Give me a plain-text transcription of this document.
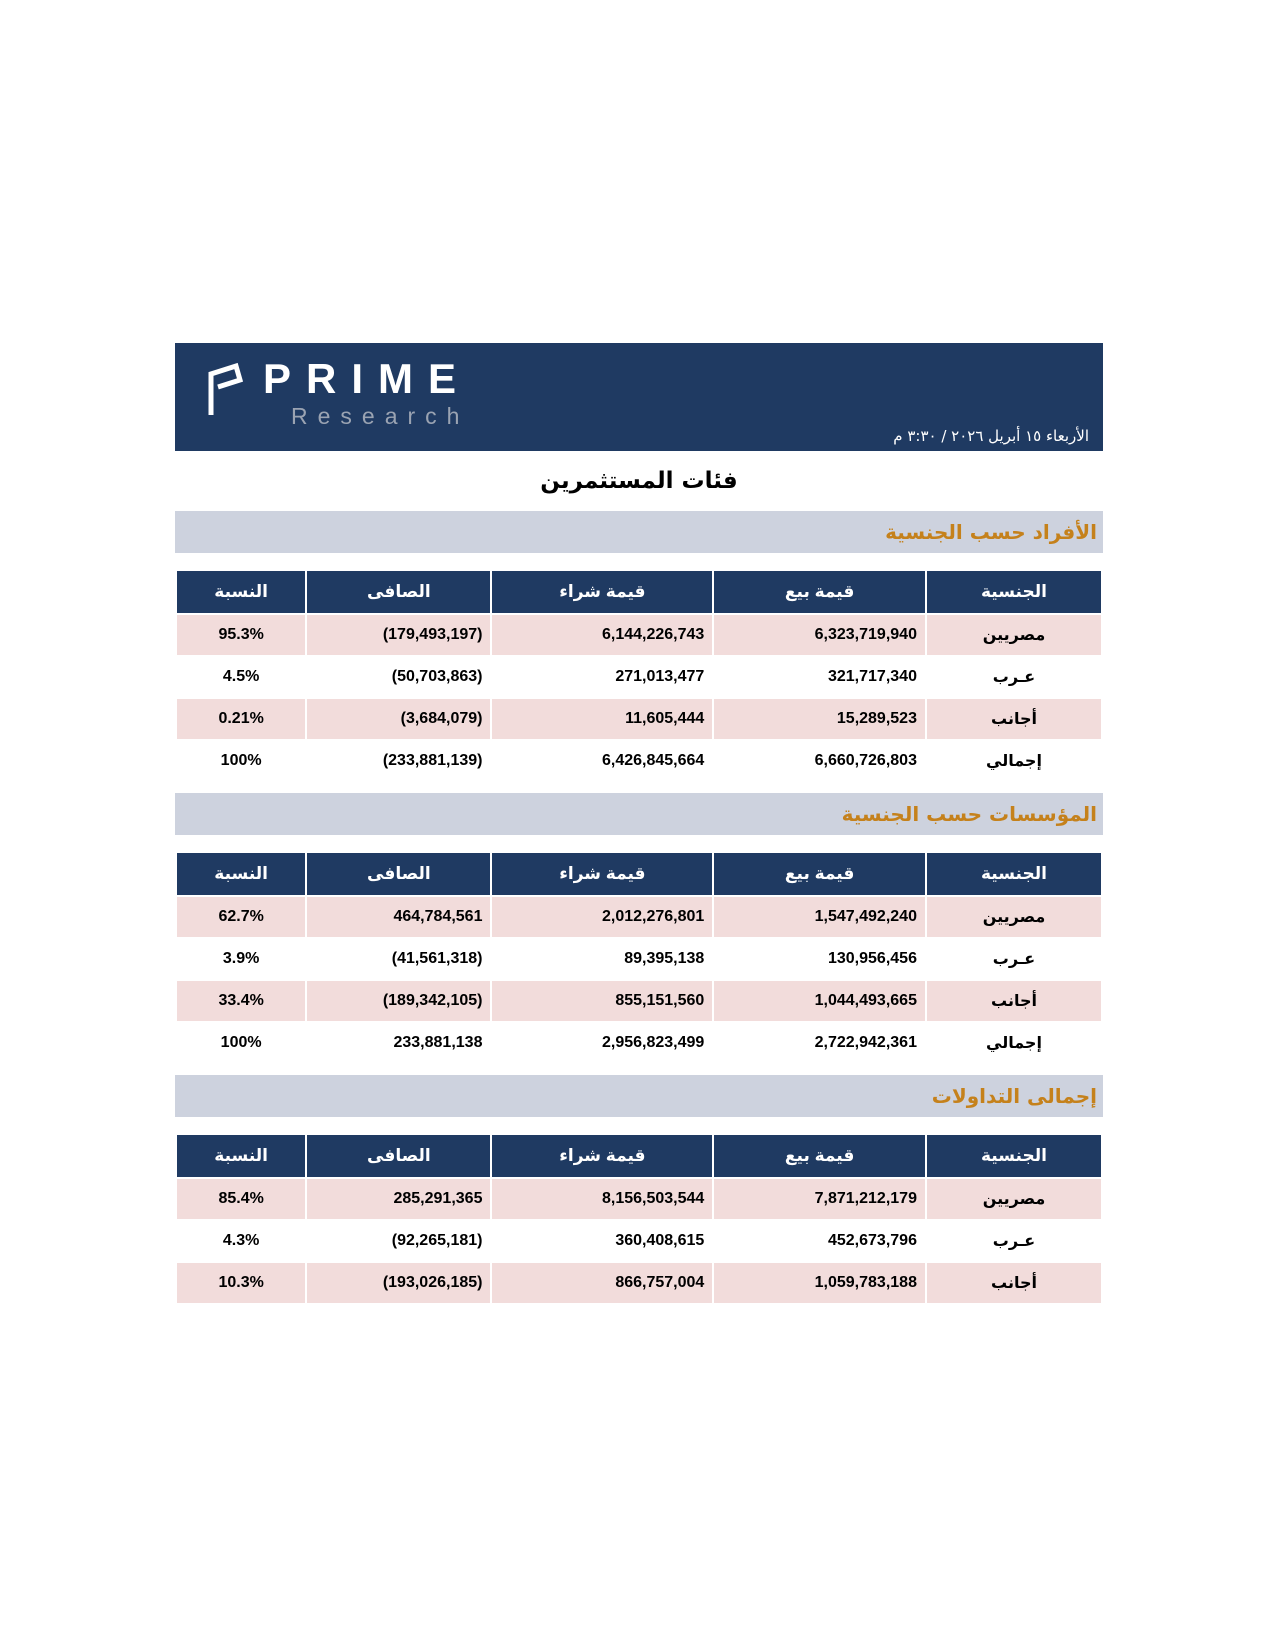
PRIME
Research
الأربعاء ١٥ أبريل ٢٠٢٦ / ٣:٣٠ م
فئات المستثمرين
الأفراد حسب الجنسية
الجنسية	قيمة بيع	قيمة شراء	الصافى	النسبة
مصريين	6,323,719,940	6,144,226,743	(179,493,197)	95.3%
عـرب	321,717,340	271,013,477	(50,703,863)	4.5%
أجانب	15,289,523	11,605,444	(3,684,079)	0.21%
إجمالي	6,660,726,803	6,426,845,664	(233,881,139)	100%
المؤسسات حسب الجنسية
الجنسية	قيمة بيع	قيمة شراء	الصافى	النسبة
مصريين	1,547,492,240	2,012,276,801	464,784,561	62.7%
عـرب	130,956,456	89,395,138	(41,561,318)	3.9%
أجانب	1,044,493,665	855,151,560	(189,342,105)	33.4%
إجمالي	2,722,942,361	2,956,823,499	233,881,138	100%
إجمالى التداولات
الجنسية	قيمة بيع	قيمة شراء	الصافى	النسبة
مصريين	7,871,212,179	8,156,503,544	285,291,365	85.4%
عـرب	452,673,796	360,408,615	(92,265,181)	4.3%
أجانب	1,059,783,188	866,757,004	(193,026,185)	10.3%
